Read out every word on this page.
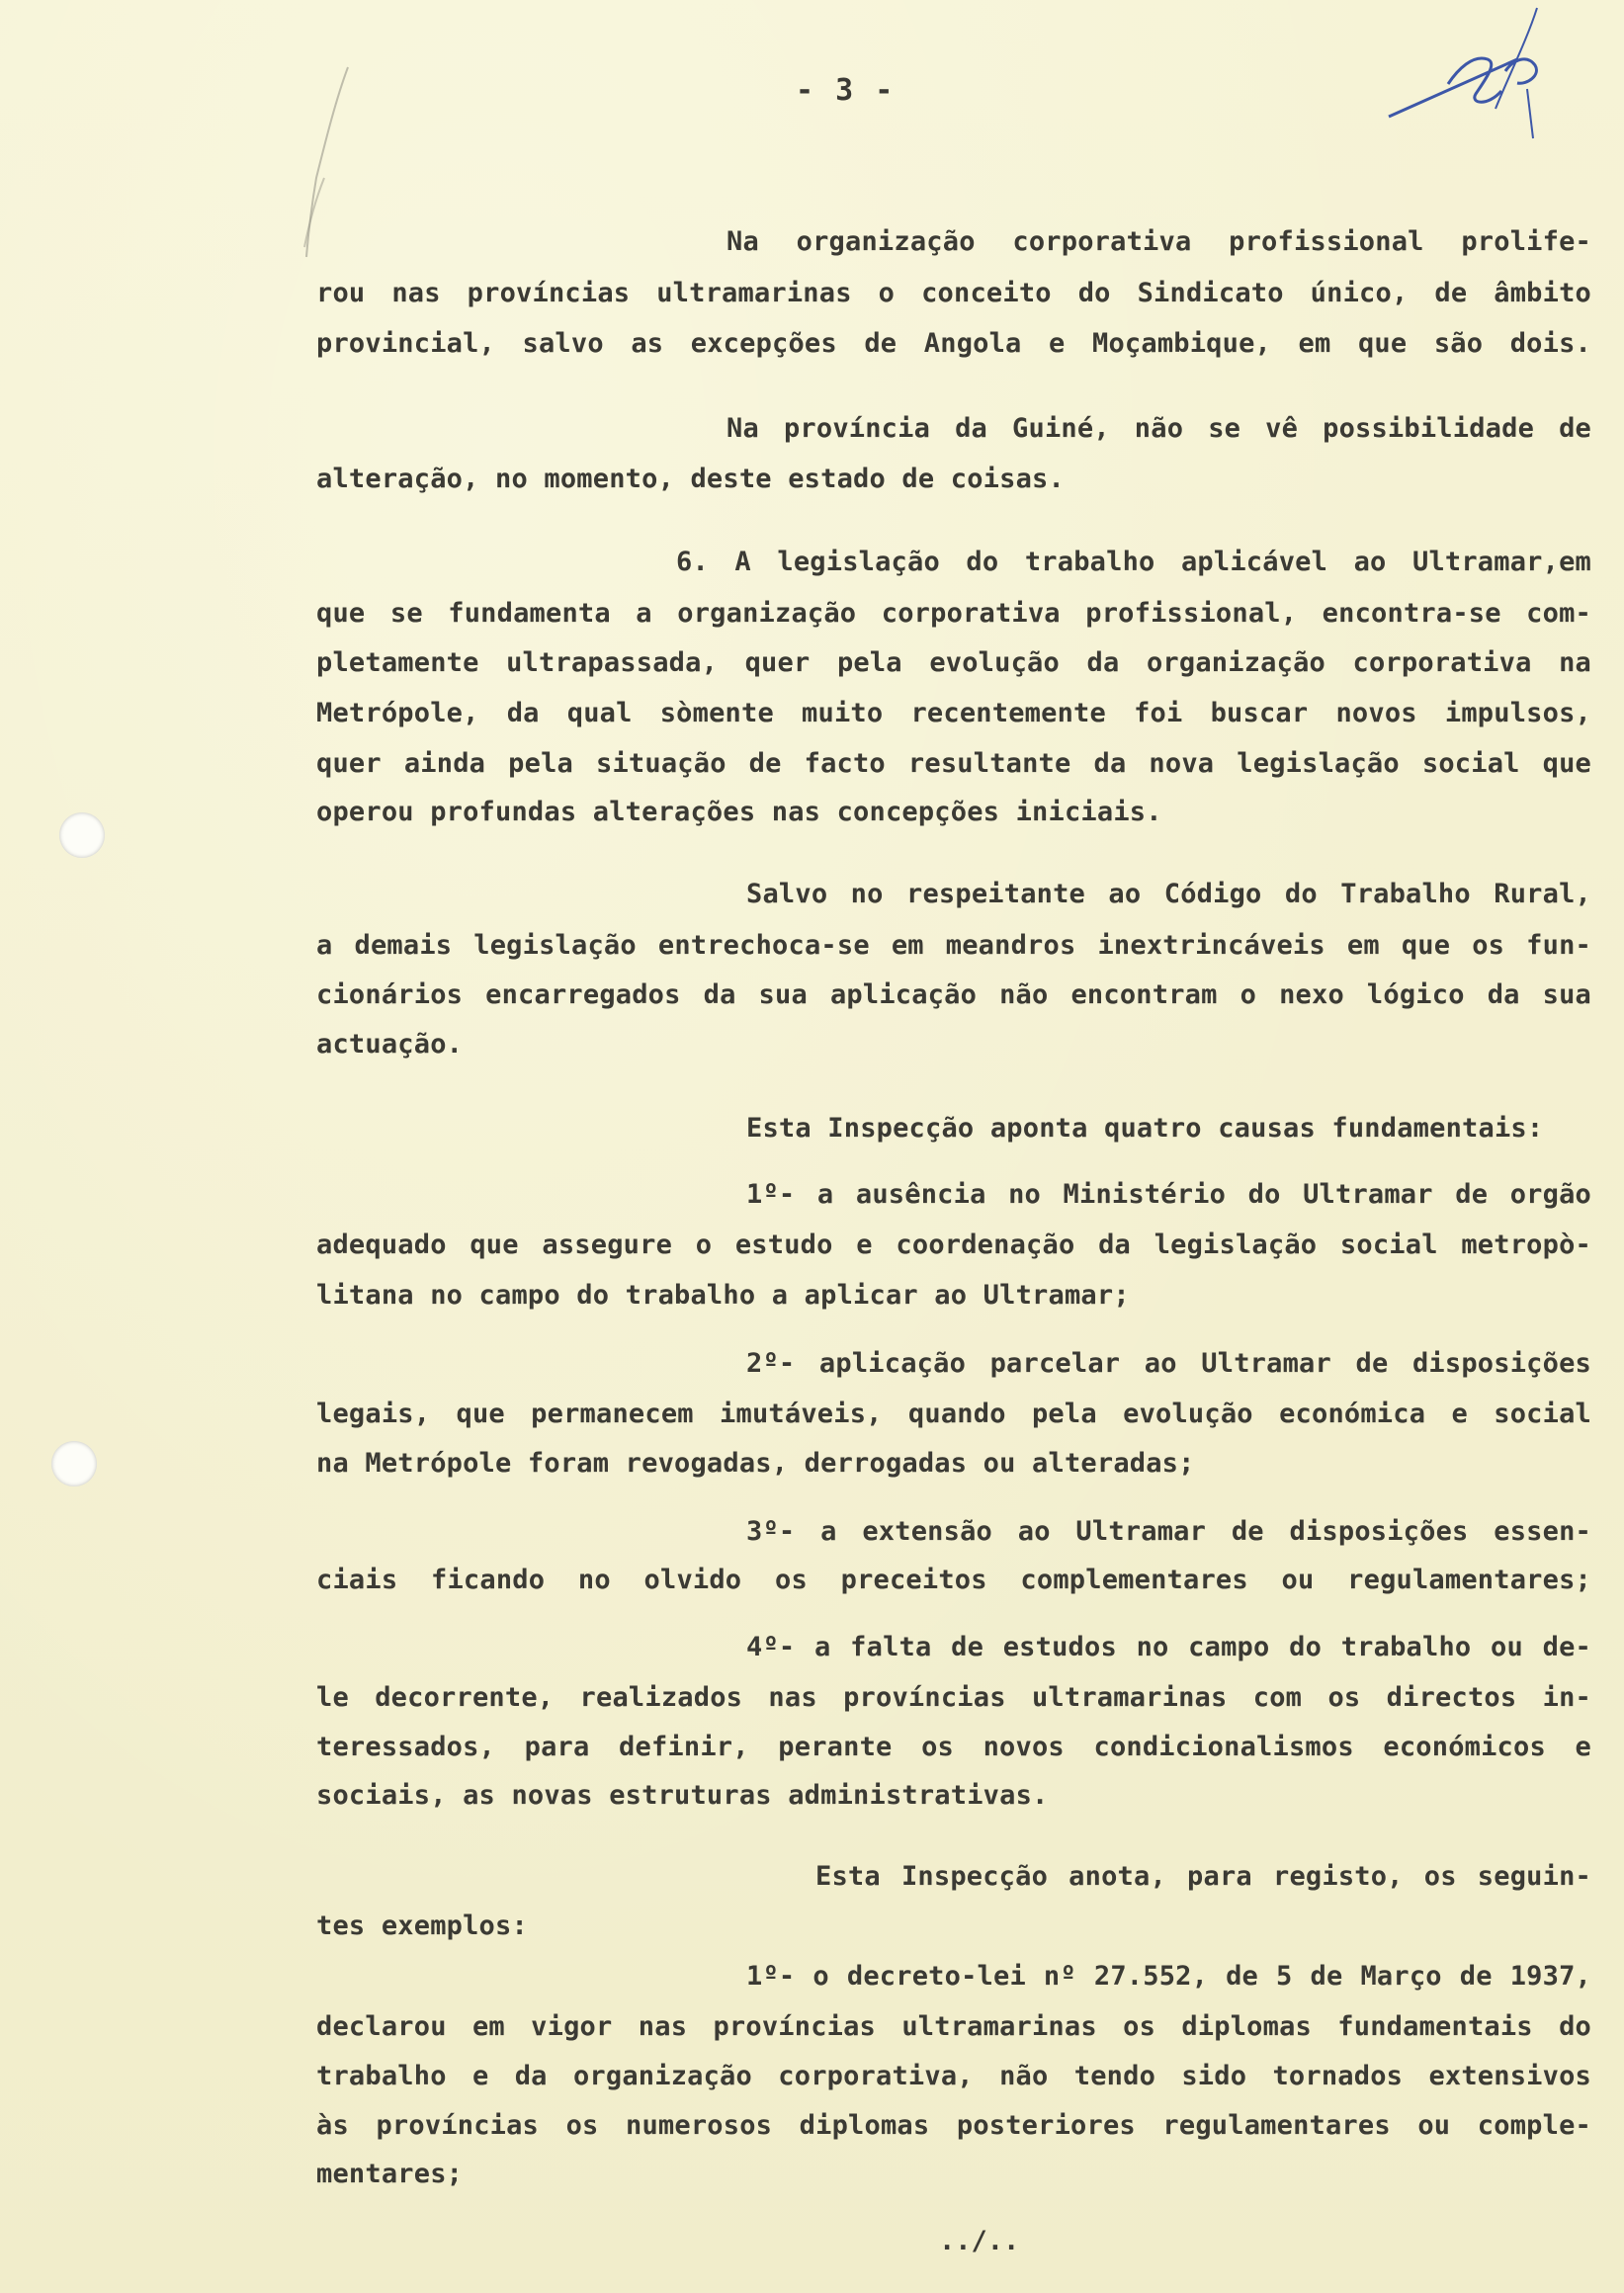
- 3 -
Na organização corporativa profissional prolife-
rou nas províncias ultramarinas o conceito do Sindicato único, de âmbito
provincial, salvo as excepções de Angola e Moçambique, em que são dois.
Na província da Guiné, não se vê possibilidade de
alteração, no momento, deste estado de coisas.
6. A legislação do trabalho aplicável ao Ultramar,em
que se fundamenta a organização corporativa profissional, encontra-se com-
pletamente ultrapassada, quer pela evolução da organização corporativa na
Metrópole, da qual sòmente muito recentemente foi buscar novos impulsos,
quer ainda pela situação de facto resultante da nova legislação social que
operou profundas alterações nas concepções iniciais.
Salvo no respeitante ao Código do Trabalho Rural,
a demais legislação entrechoca-se em meandros inextrincáveis em que os fun-
cionários encarregados da sua aplicação não encontram o nexo lógico da sua
actuação.
Esta Inspecção aponta quatro causas fundamentais:
1º- a ausência no Ministério do Ultramar de orgão
adequado que assegure o estudo e coordenação da legislação social metropò-
litana no campo do trabalho a aplicar ao Ultramar;
2º- aplicação parcelar ao Ultramar de disposições
legais, que permanecem imutáveis, quando pela evolução económica e social
na Metrópole foram revogadas, derrogadas ou alteradas;
3º- a extensão ao Ultramar de disposições essen-
ciais ficando no olvido os preceitos complementares ou regulamentares;
4º- a falta de estudos no campo do trabalho ou de-
le decorrente, realizados nas províncias ultramarinas com os directos in-
teressados, para definir, perante os novos condicionalismos económicos e
sociais, as novas estruturas administrativas.
Esta Inspecção anota, para registo, os seguin-
tes exemplos:
1º- o decreto-lei nº 27.552, de 5 de Março de 1937,
declarou em vigor nas províncias ultramarinas os diplomas fundamentais do
trabalho e da organização corporativa, não tendo sido tornados extensivos
às províncias os numerosos diplomas posteriores regulamentares ou comple-
mentares;
../..
